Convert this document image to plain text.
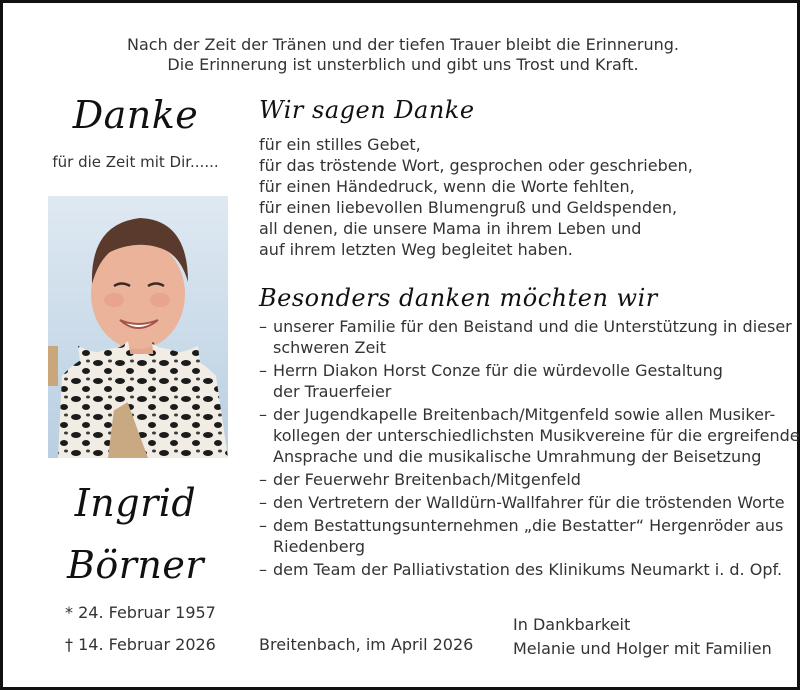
Nach der Zeit der Tränen und der tiefen Trauer bleibt die Erinnerung.
Die Erinnerung ist unsterblich und gibt uns Trost und Kraft.
Danke
für die Zeit mit Dir......
Ingrid
Börner
* 24. Februar 1957
† 14. Februar 2026
Wir sagen Danke
für ein stilles Gebet,
für das tröstende Wort, gesprochen oder geschrieben,
für einen Händedruck, wenn die Worte fehlten,
für einen liebevollen Blumengruß und Geldspenden,
all denen, die unsere Mama in ihrem Leben und
auf ihrem letzten Weg begleitet haben.
Besonders danken möchten wir
– unserer Familie für den Beistand und die Unterstützung in dieser
schweren Zeit
– Herrn Diakon Horst Conze für die würdevolle Gestaltung
der Trauerfeier
– der Jugendkapelle Breitenbach/Mitgenfeld sowie allen Musiker-
kollegen der unterschiedlichsten Musikvereine für die ergreifende
Ansprache und die musikalische Umrahmung der Beisetzung
– der Feuerwehr Breitenbach/Mitgenfeld
– den Vertretern der Walldürn-Wallfahrer für die tröstenden Worte
– dem Bestattungsunternehmen „die Bestatter“ Hergenröder aus
Riedenberg
– dem Team der Palliativstation des Klinikums Neumarkt i. d. Opf.
Breitenbach, im April 2026
In Dankbarkeit
Melanie und Holger mit Familien
